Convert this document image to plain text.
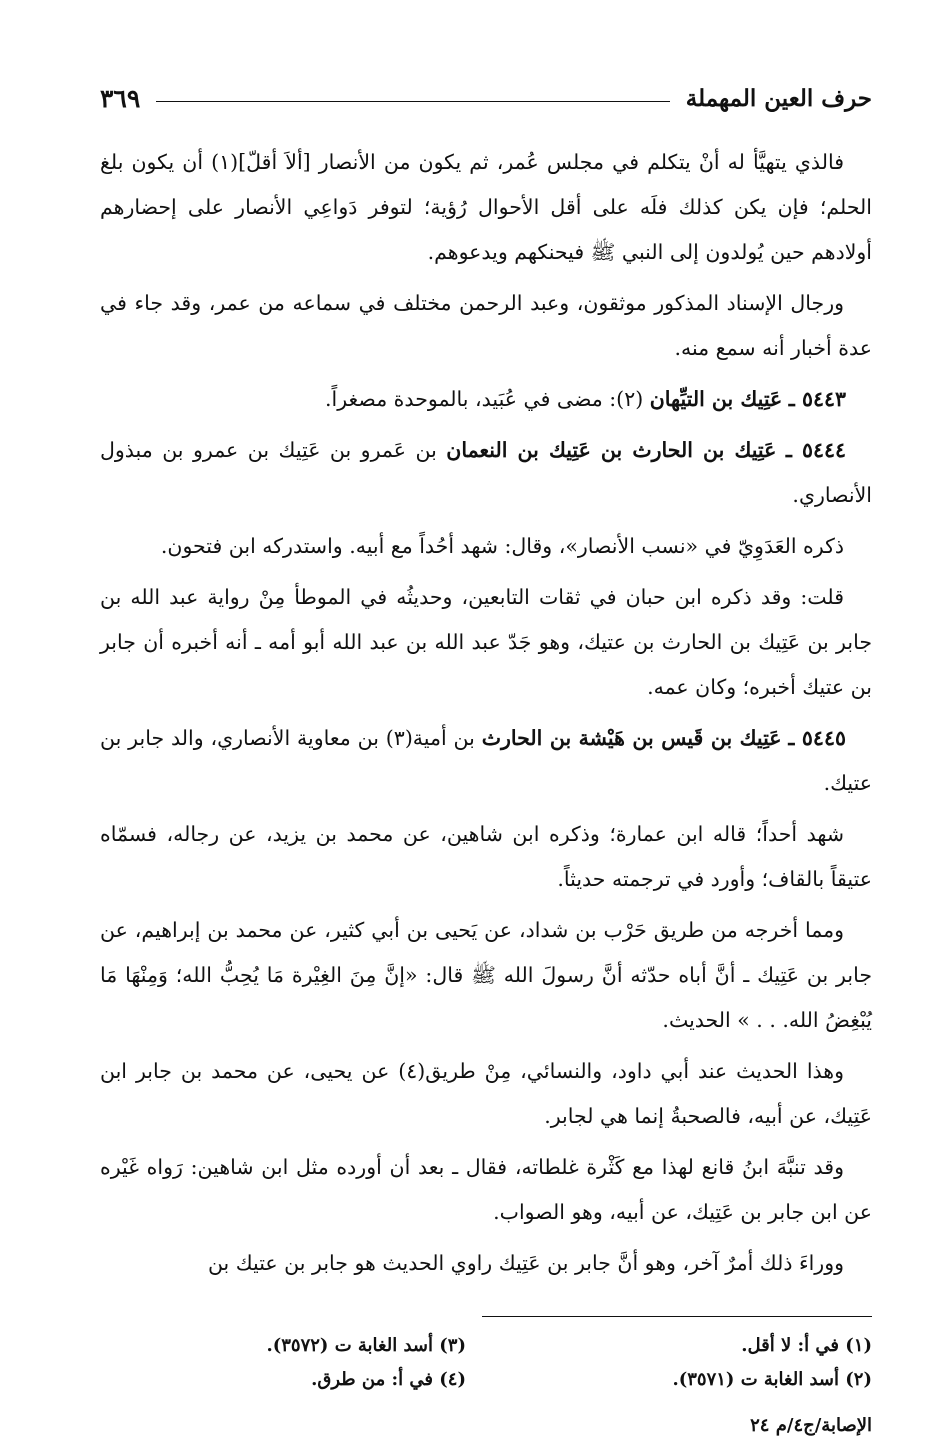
حرف العين المهملة
٣٦٩

فالذي يتهيَّأ له أنْ يتكلم في مجلس عُمر، ثم يكون من الأنصار [ألاَ أقلّ](١) أن يكون بلغ الحلم؛ فإن يكن كذلك فلَه على أقل الأحوال رُؤية؛ لتوفر دَواعِي الأنصار على إحضارهم أولادهم حين يُولدون إلى النبي ﷺ فيحنكهم ويدعوهم.

ورجال الإسناد المذكور موثقون، وعبد الرحمن مختلف في سماعه من عمر، وقد جاء في عدة أخبار أنه سمع منه.

٥٤٤٣ ـ عَتِيك بن التيِّهان (٢): مضى في عُبَيد، بالموحدة مصغراً.

٥٤٤٤ ـ عَتِيك بن الحارث بن عَتِيك بن النعمان بن عَمرو بن عَتِيك بن عمرو بن مبذول الأنصاري.

ذكره العَدَوِيّ في «نسب الأنصار»، وقال: شهد أحُداً مع أبيه. واستدركه ابن فتحون.

قلت: وقد ذكره ابن حبان في ثقات التابعين، وحديثُه في الموطأ مِنْ رواية عبد الله بن جابر بن عَتِيك بن الحارث بن عتيك، وهو جَدّ عبد الله بن عبد الله أبو أمه ـ أنه أخبره أن جابر بن عتيك أخبره؛ وكان عمه.

٥٤٤٥ ـ عَتِيك بن قَيس بن هَيْشة بن الحارث بن أمية(٣) بن معاوية الأنصاري، والد جابر بن عتيك.

شهد أحداً؛ قاله ابن عمارة؛ وذكره ابن شاهين، عن محمد بن يزيد، عن رجاله، فسمّاه عتيقاً بالقاف؛ وأورد في ترجمته حديثاً.

ومما أخرجه من طريق حَرْب بن شداد، عن يَحيى بن أبي كثير، عن محمد بن إبراهيم، عن جابر بن عَتِيك ـ أنَّ أباه حدّثه أنَّ رسولَ الله ﷺ قال: «إنَّ مِنَ الغِيْرة مَا يُحِبُّ الله؛ وَمِنْهَا مَا يُبْغِضُ الله. . . » الحديث.

وهذا الحديث عند أبي داود، والنسائي، مِنْ طريق(٤) عن يحيى، عن محمد بن جابر ابن عَتِيك، عن أبيه، فالصحبةُ إنما هي لجابر.

وقد تنبَّهَ ابنُ قانع لهذا مع كَثْرة غلطاته، فقال ـ بعد أن أورده مثل ابن شاهين: رَواه غَيْره عن ابن جابر بن عَتِيك، عن أبيه، وهو الصواب.

ووراءَ ذلك أمرٌ آخر، وهو أنَّ جابر بن عَتِيك راوي الحديث هو جابر بن عتيك بن

(١) في أ: لا أقل.
(٣) أسد الغابة ت (٣٥٧٢).
(٢) أسد الغابة ت (٣٥٧١).
(٤) في أ: من طرق.
الإصابة/ج٤/م ٢٤
